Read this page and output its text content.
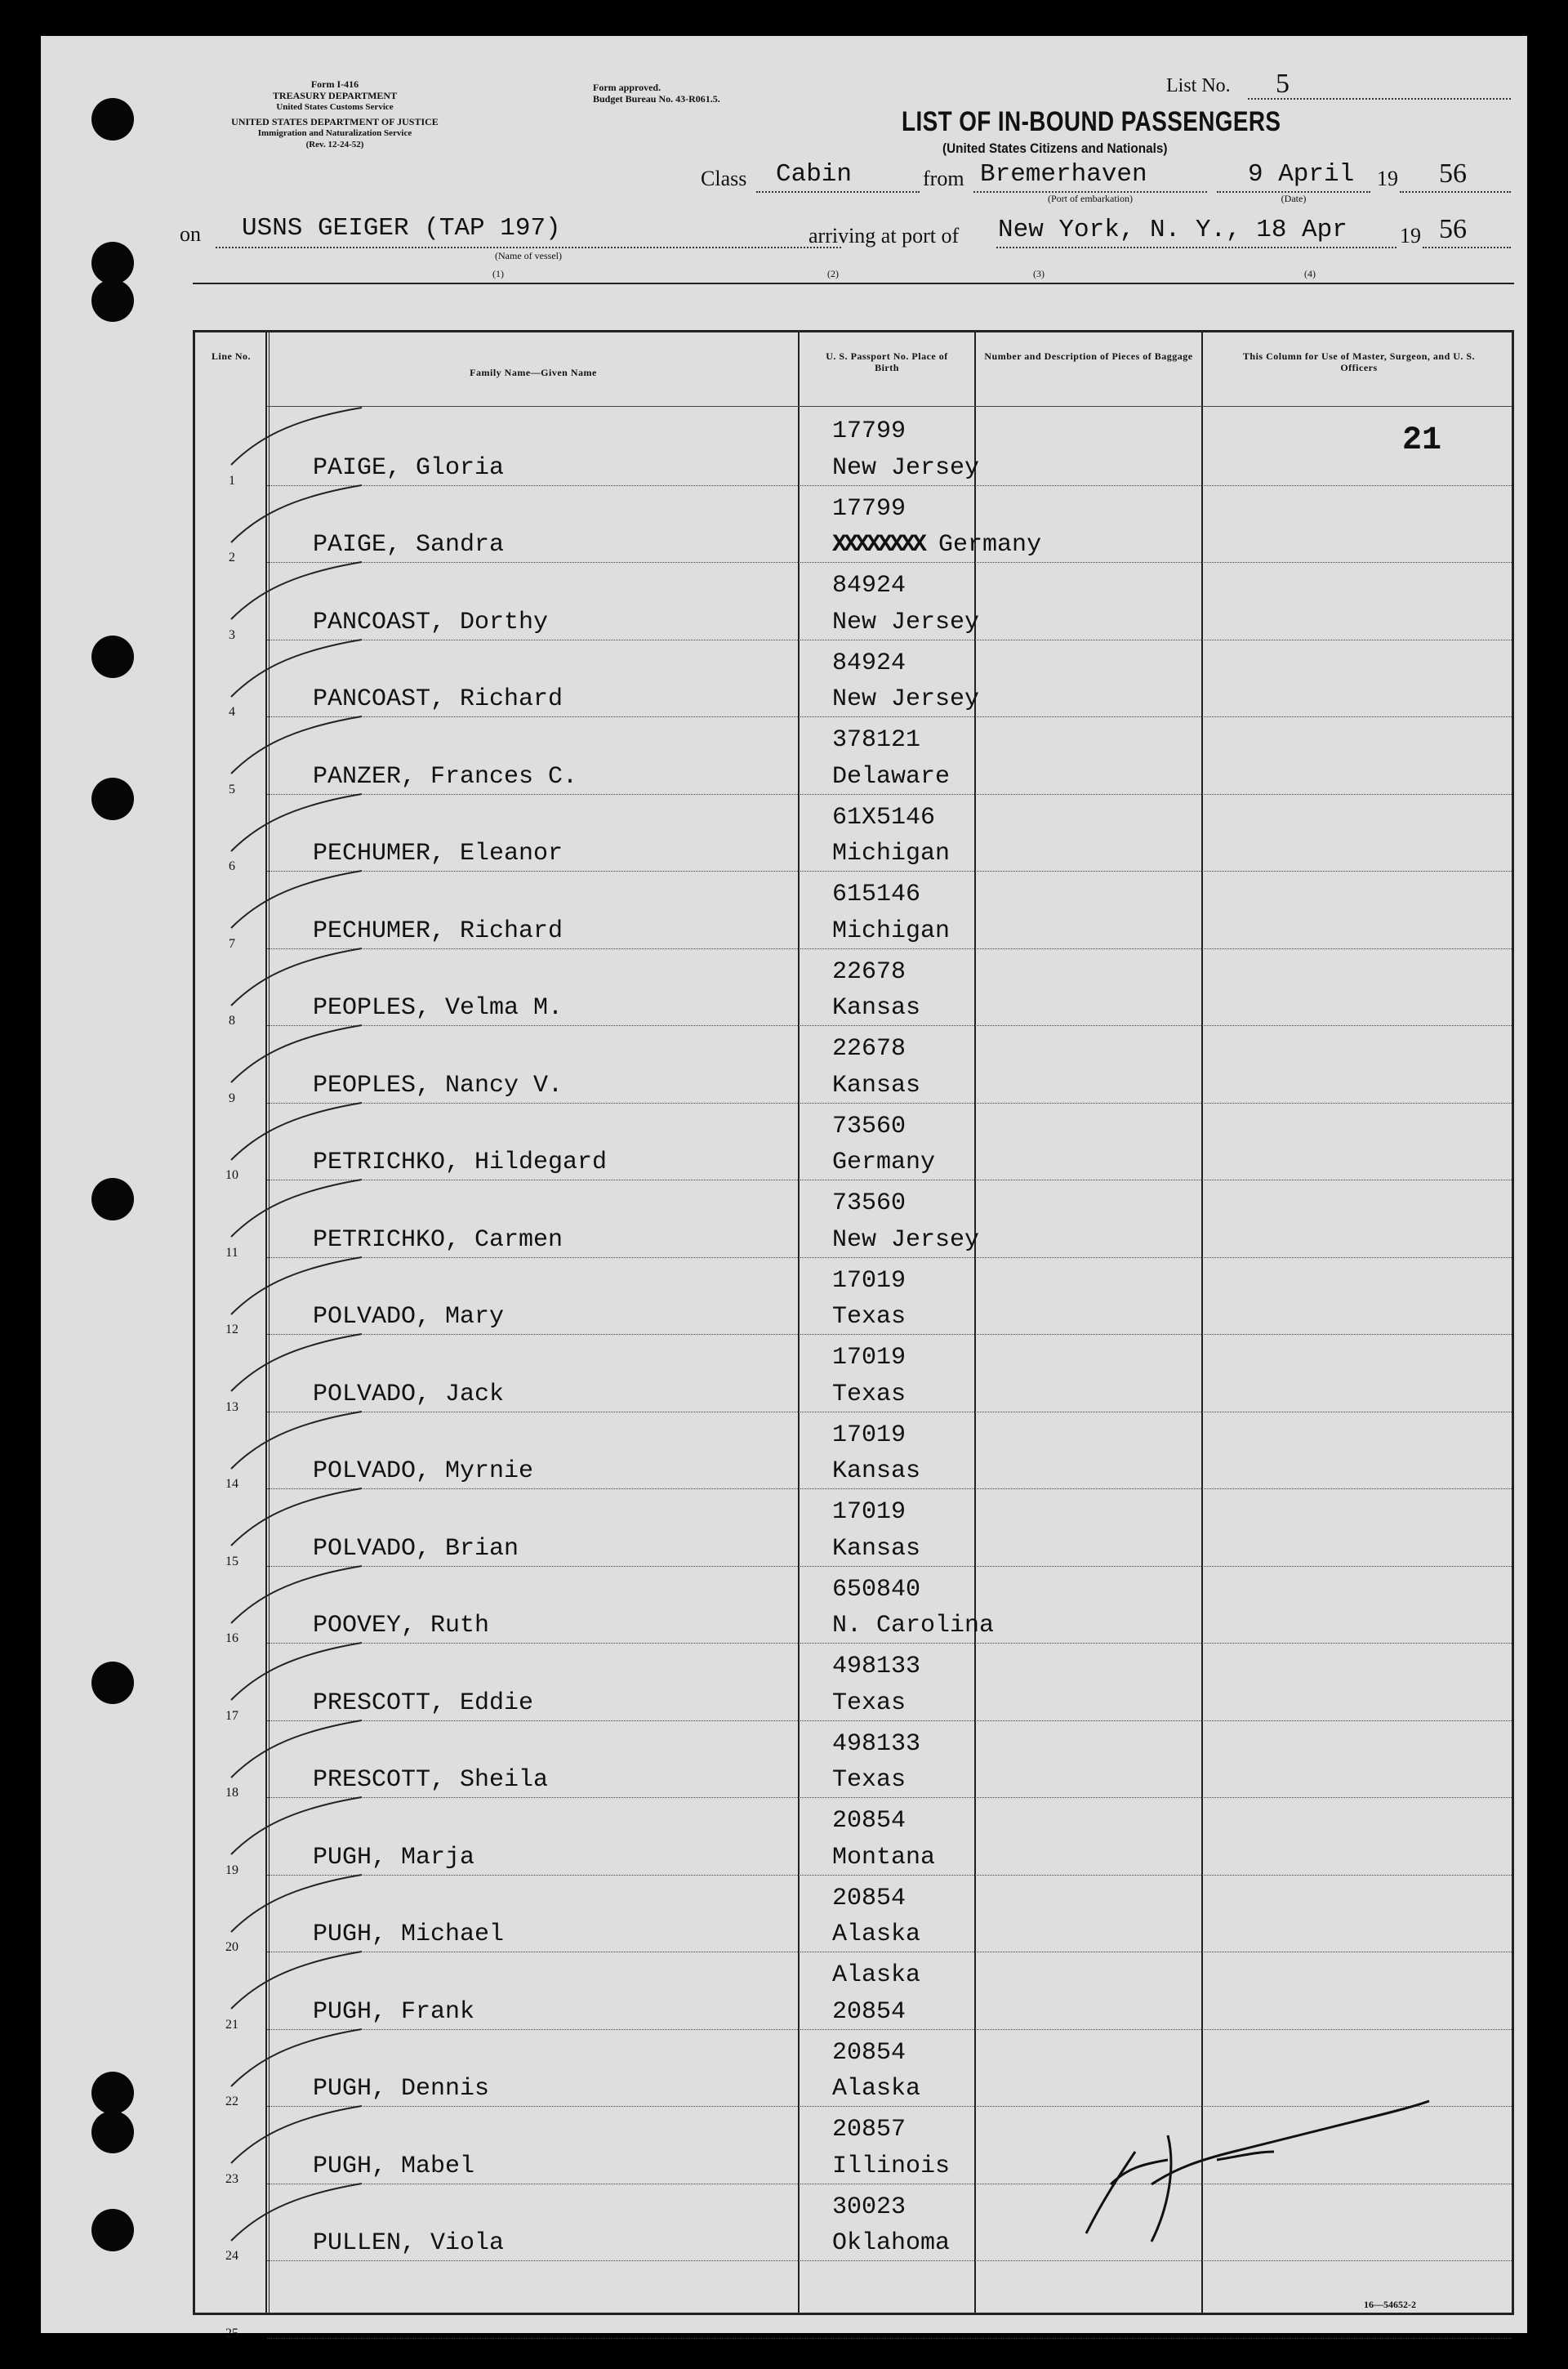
Form I-416
TREASURY DEPARTMENT
United States Customs Service
UNITED STATES DEPARTMENT OF JUSTICE
Immigration and Naturalization Service
(Rev. 12-24-52)
Form approved.
Budget Bureau No. 43-R061.5.
List No. 5
LIST OF IN-BOUND PASSENGERS
(United States Citizens and Nationals)
Class Cabin	from Bremerhaven
(Port of embarkation)
9 April
(Date)
19 56
on USNS GEIGER (TAP 197)
(Name of vessel)
arriving at port of New York, N. Y., 18 Apr 19 56
(1)	(2)	(3)	(4)
Line No.
Family Name—Given Name
U. S. Passport No. Place of Birth
Number and Description of Pieces of Baggage	This Column for Use of Master, Surgeon, and U. S. Officers
1	PAIGE, Gloria
17799
New Jersey
2	PAIGE, Sandra
17799
XXXXXXXX Germany
3	PANCOAST, Dorthy
84924
New Jersey
4	PANCOAST, Richard
84924
New Jersey
5	PANZER, Frances C.
378121
Delaware
6	PECHUMER, Eleanor
61X5146
Michigan
7	PECHUMER, Richard
615146
Michigan
8	PEOPLES, Velma M.
22678
Kansas
9	PEOPLES, Nancy V.
22678
Kansas
10	PETRICHKO, Hildegard
73560
Germany
11	PETRICHKO, Carmen
73560
New Jersey
12	POLVADO, Mary
17019
Texas
13	POLVADO, Jack
17019
Texas
14	POLVADO, Myrnie
17019
Kansas
15	POLVADO, Brian
17019
Kansas
16	POOVEY, Ruth
650840
N. Carolina
17	PRESCOTT, Eddie
498133
Texas
18	PRESCOTT, Sheila
498133
Texas
19	PUGH, Marja
20854
Montana
20	PUGH, Michael
20854
Alaska
21	PUGH, Frank
Alaska
20854
22	PUGH, Dennis
20854
Alaska
23	PUGH, Mabel
20857
Illinois
24	PULLEN, Viola
30023
Oklahoma
25
21
16—54652-2
